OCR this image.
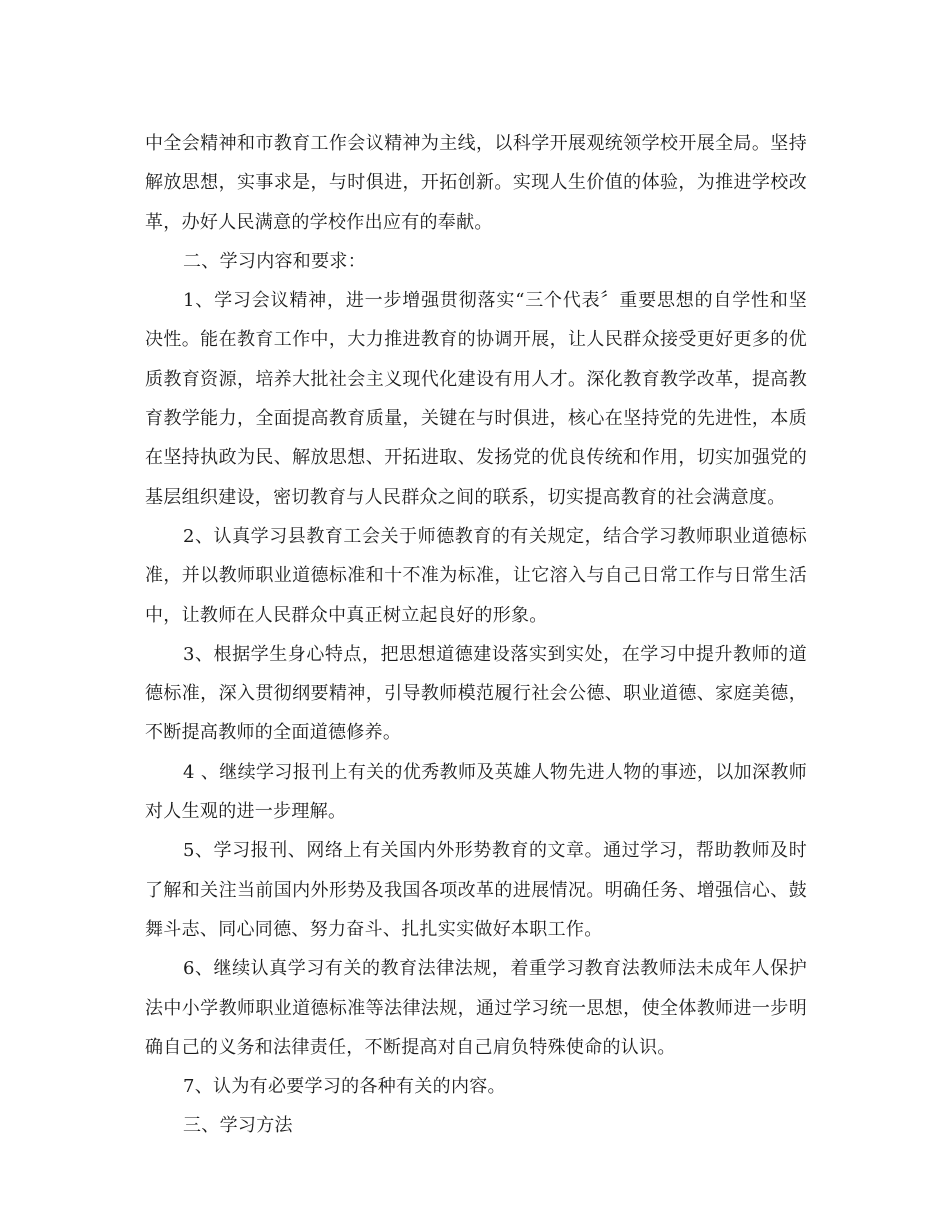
中全会精神和市教育工作会议精神为主线，以科学开展观统领学校开展全局。坚持解放思想，实事求是，与时俱进，开拓创新。实现人生价值的体验，为推进学校改革，办好人民满意的学校作出应有的奉献。

二、学习内容和要求：

1、学习会议精神，进一步增强贯彻落实“三个代表〞重要思想的自学性和坚决性。能在教育工作中，大力推进教育的协调开展，让人民群众接受更好更多的优质教育资源，培养大批社会主义现代化建设有用人才。深化教育教学改革，提高教育教学能力，全面提高教育质量，关键在与时俱进，核心在坚持党的先进性，本质在坚持执政为民、解放思想、开拓进取、发扬党的优良传统和作用，切实加强党的基层组织建设，密切教育与人民群众之间的联系，切实提高教育的社会满意度。

2、认真学习县教育工会关于师德教育的有关规定，结合学习教师职业道德标准，并以教师职业道德标准和十不准为标准，让它溶入与自己日常工作与日常生活中，让教师在人民群众中真正树立起良好的形象。

3、根据学生身心特点，把思想道德建设落实到实处，在学习中提升教师的道德标准，深入贯彻纲要精神，引导教师模范履行社会公德、职业道德、家庭美德，不断提高教师的全面道德修养。

4 、继续学习报刊上有关的优秀教师及英雄人物先进人物的事迹，以加深教师对人生观的进一步理解。

5、学习报刊、网络上有关国内外形势教育的文章。通过学习，帮助教师及时了解和关注当前国内外形势及我国各项改革的进展情况。明确任务、增强信心、鼓舞斗志、同心同德、努力奋斗、扎扎实实做好本职工作。

6、继续认真学习有关的教育法律法规，着重学习教育法教师法未成年人保护法中小学教师职业道德标准等法律法规，通过学习统一思想，使全体教师进一步明确自己的义务和法律责任，不断提高对自己肩负特殊使命的认识。

7、认为有必要学习的各种有关的内容。

三、学习方法
